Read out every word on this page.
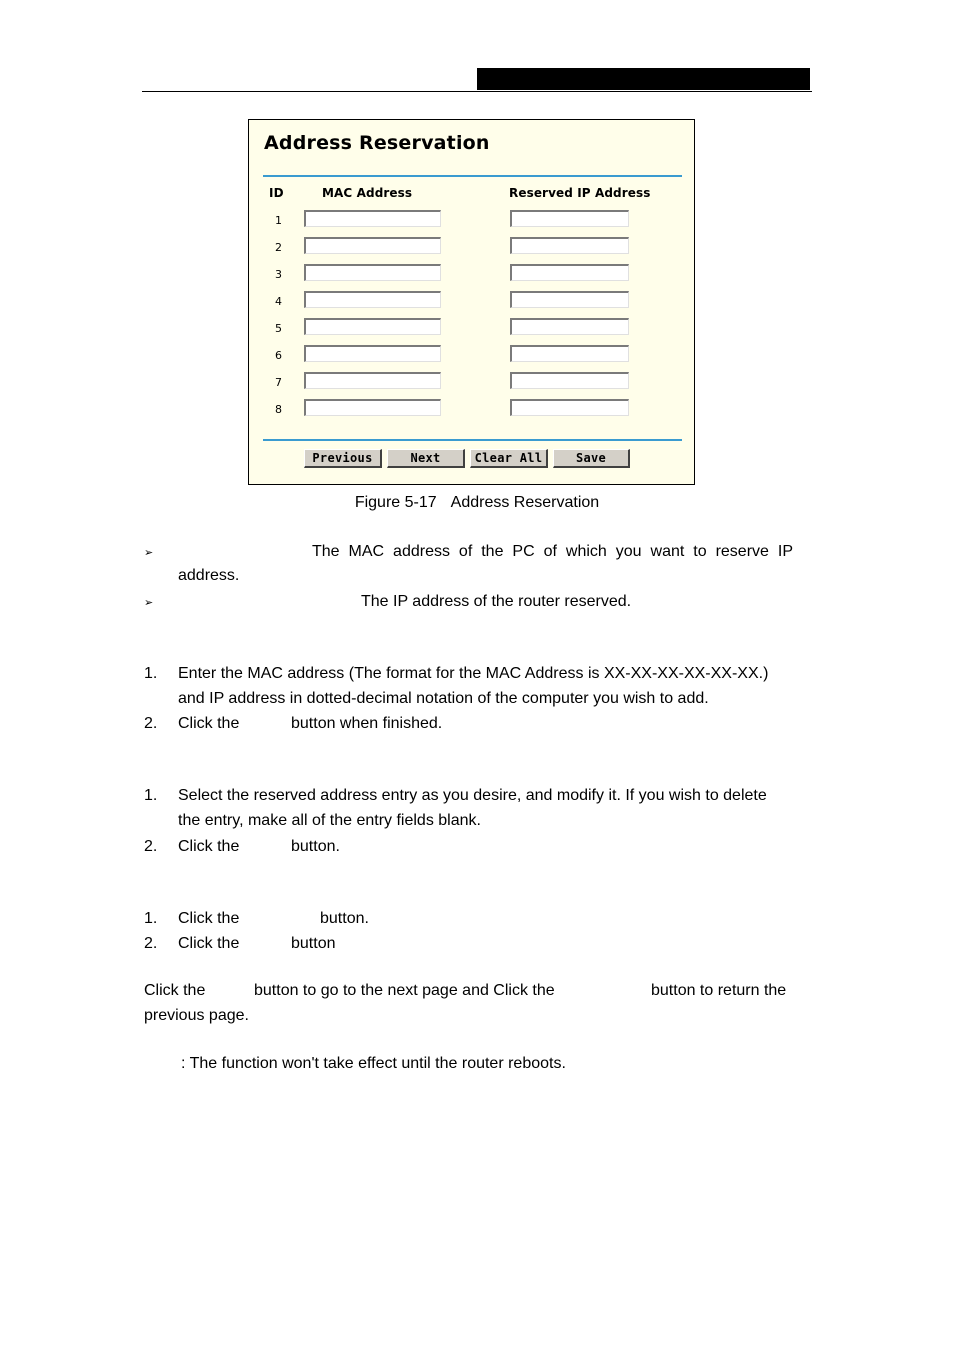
Address Reservation
ID	MAC Address	Reserved IP Address
1
2
3
4
5
6
7
8
Previous	Next	Clear All	Save
Figure 5-17 Address Reservation
➢	The MAC address of the PC of which you want to reserve IP
address.
➢	The IP address of the router reserved.
1. Enter the MAC address (The format for the MAC Address is XX-XX-XX-XX-XX-XX.)
and IP address in dotted-decimal notation of the computer you wish to add.
2. Click the	button when finished.
1. Select the reserved address entry as you desire, and modify it. If you wish to delete
the entry, make all of the entry fields blank.
2. Click the	button.
1. Click the	button.
2. Click the	button
Click the	button to go to the next page and Click the	button to return the
previous page.
: The function won't take effect until the router reboots.
